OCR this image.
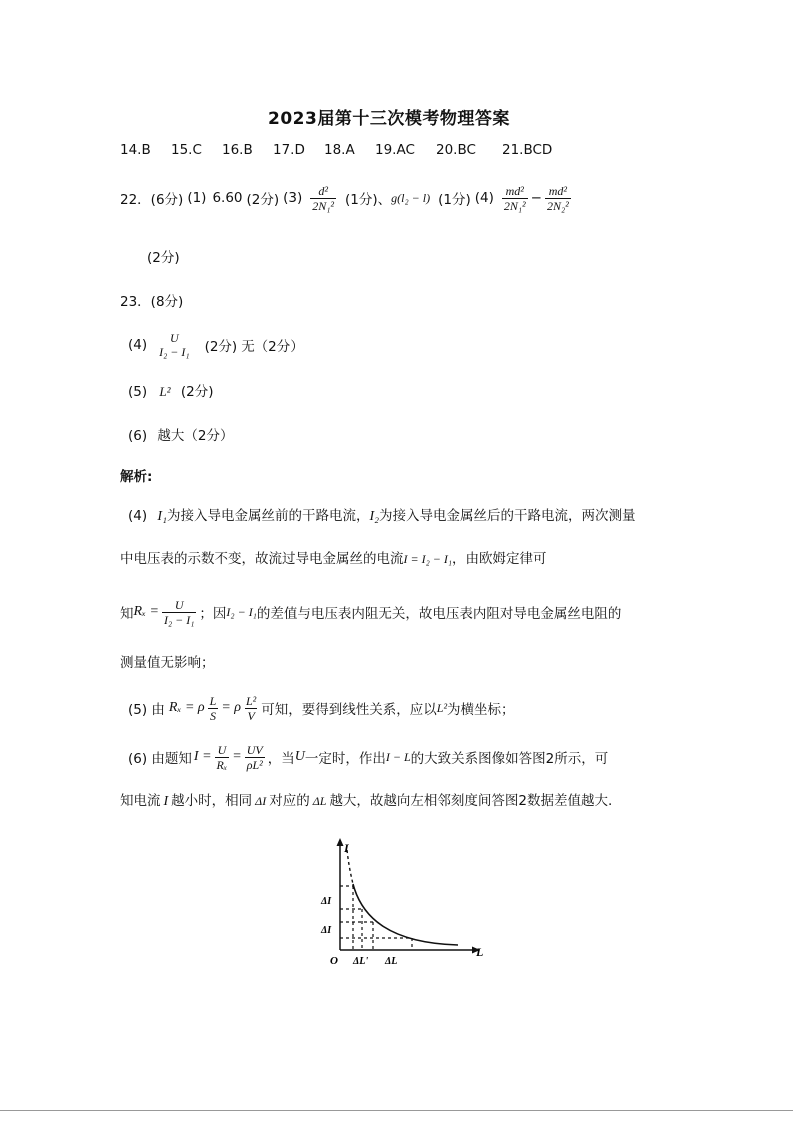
2023届第十三次模考物理答案
14.B 15.C 16.B 17.D 18.A 19.AC 20.BC 21.BCD
22．(6分) (1) 6.60 (2分) $(3) \frac{\text{d²}}{\text{2N₁²}} (1$分)、 g(l₂ − l) (1分) $(4) \frac{\text{md²}}{\text{2N₁²}} - \frac{\text{md²}}{\text{2N₂²}}$
(2分)
23．(8分)
(4) U
I₂ − I₁ (2分) 无（2分）
(5) L² (2分)
(6) 越大（2分）
解析:
(4) I₁为接入导电金属丝前的干路电流，I₂为接入导电金属丝后的干路电流，两次测量
中电压表的示数不变，故流过导电金属丝的电流I = I₂ − I₁，由欧姆定律可
知 $R_x = \frac{U}{\text{I₂ − I₁}}$ ；因 I₂ − I₁ 的差值与电压表内阻无关，故电压表内阻对导电金属丝电阻的
测量值无影响；
(5) 由 Rₓ = ρ $\frac{L}{S} = \rho \frac{\text{L²}}{V}$ 可知，要得到线性关系，应以 L² 为横坐标；
(6) 由题知 $I = \frac{U}{\text{Rₓ}} = \frac{UV}{\text{ρL²}}$ ，当 U 一定时，作出 I − L 的大致关系图像如答图2所示，可
知电流 I 越小时，相同 ΔI 对应的 ΔL 越大，故越向左相邻刻度间答图2数据差值越大.
I
L
O
ΔI
ΔI
ΔL' ΔL
